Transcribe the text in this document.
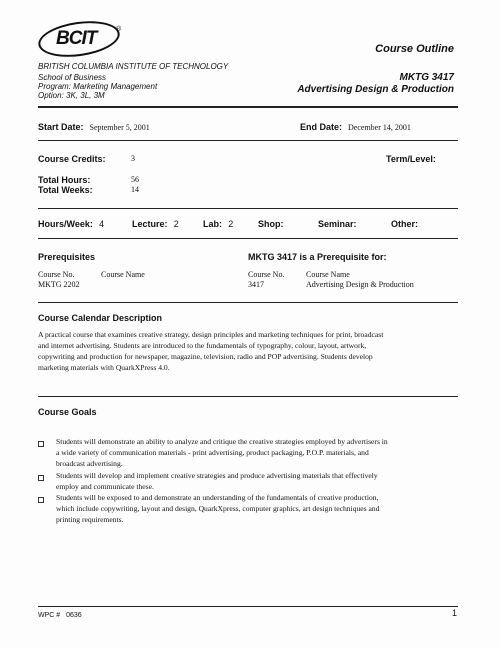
BCIT	®
BRITISH COLUMBIA INSTITUTE OF TECHNOLOGY
School of Business
Program: Marketing Management
Option: 3K, 3L, 3M
Course Outline
MKTG 3417
Advertising Design & Production
Start Date: September 5, 2001	End Date: December 14, 2001
Course Credits:	3	Term/Level:
Total Hours:	56
Total Weeks:	14
Hours/Week: 4	Lecture: 2	Lab: 2	Shop:	Seminar:	Other:
Prerequisites
Course No.	Course Name
MKTG 2202
MKTG 3417 is a Prerequisite for:
Course No.	Course Name
3417	Advertising Design & Production
Course Calendar Description
A practical course that examines creative strategy, design principles and marketing techniques for print, broadcast
and internet advertising. Students are introduced to the fundamentals of typography, colour, layout, artwork,
copywriting and production for newspaper, magazine, television, radio and POP advertising. Students develop
marketing materials with QuarkXPress 4.0.
Course Goals
Students will demonstrate an ability to analyze and critique the creative strategies employed by advertisers in
a wide variety of communication materials - print advertising, product packaging, P.O.P. materials, and
broadcast advertising.
Students will develop and implement creative strategies and produce advertising materials that effectively
employ and communicate these.
Students will be exposed to and demonstrate an understanding of the fundamentals of creative production,
which include copywriting, layout and design, QuarkXpress, computer graphics, art design techniques and
printing requirements.
WPC # 0636	1
